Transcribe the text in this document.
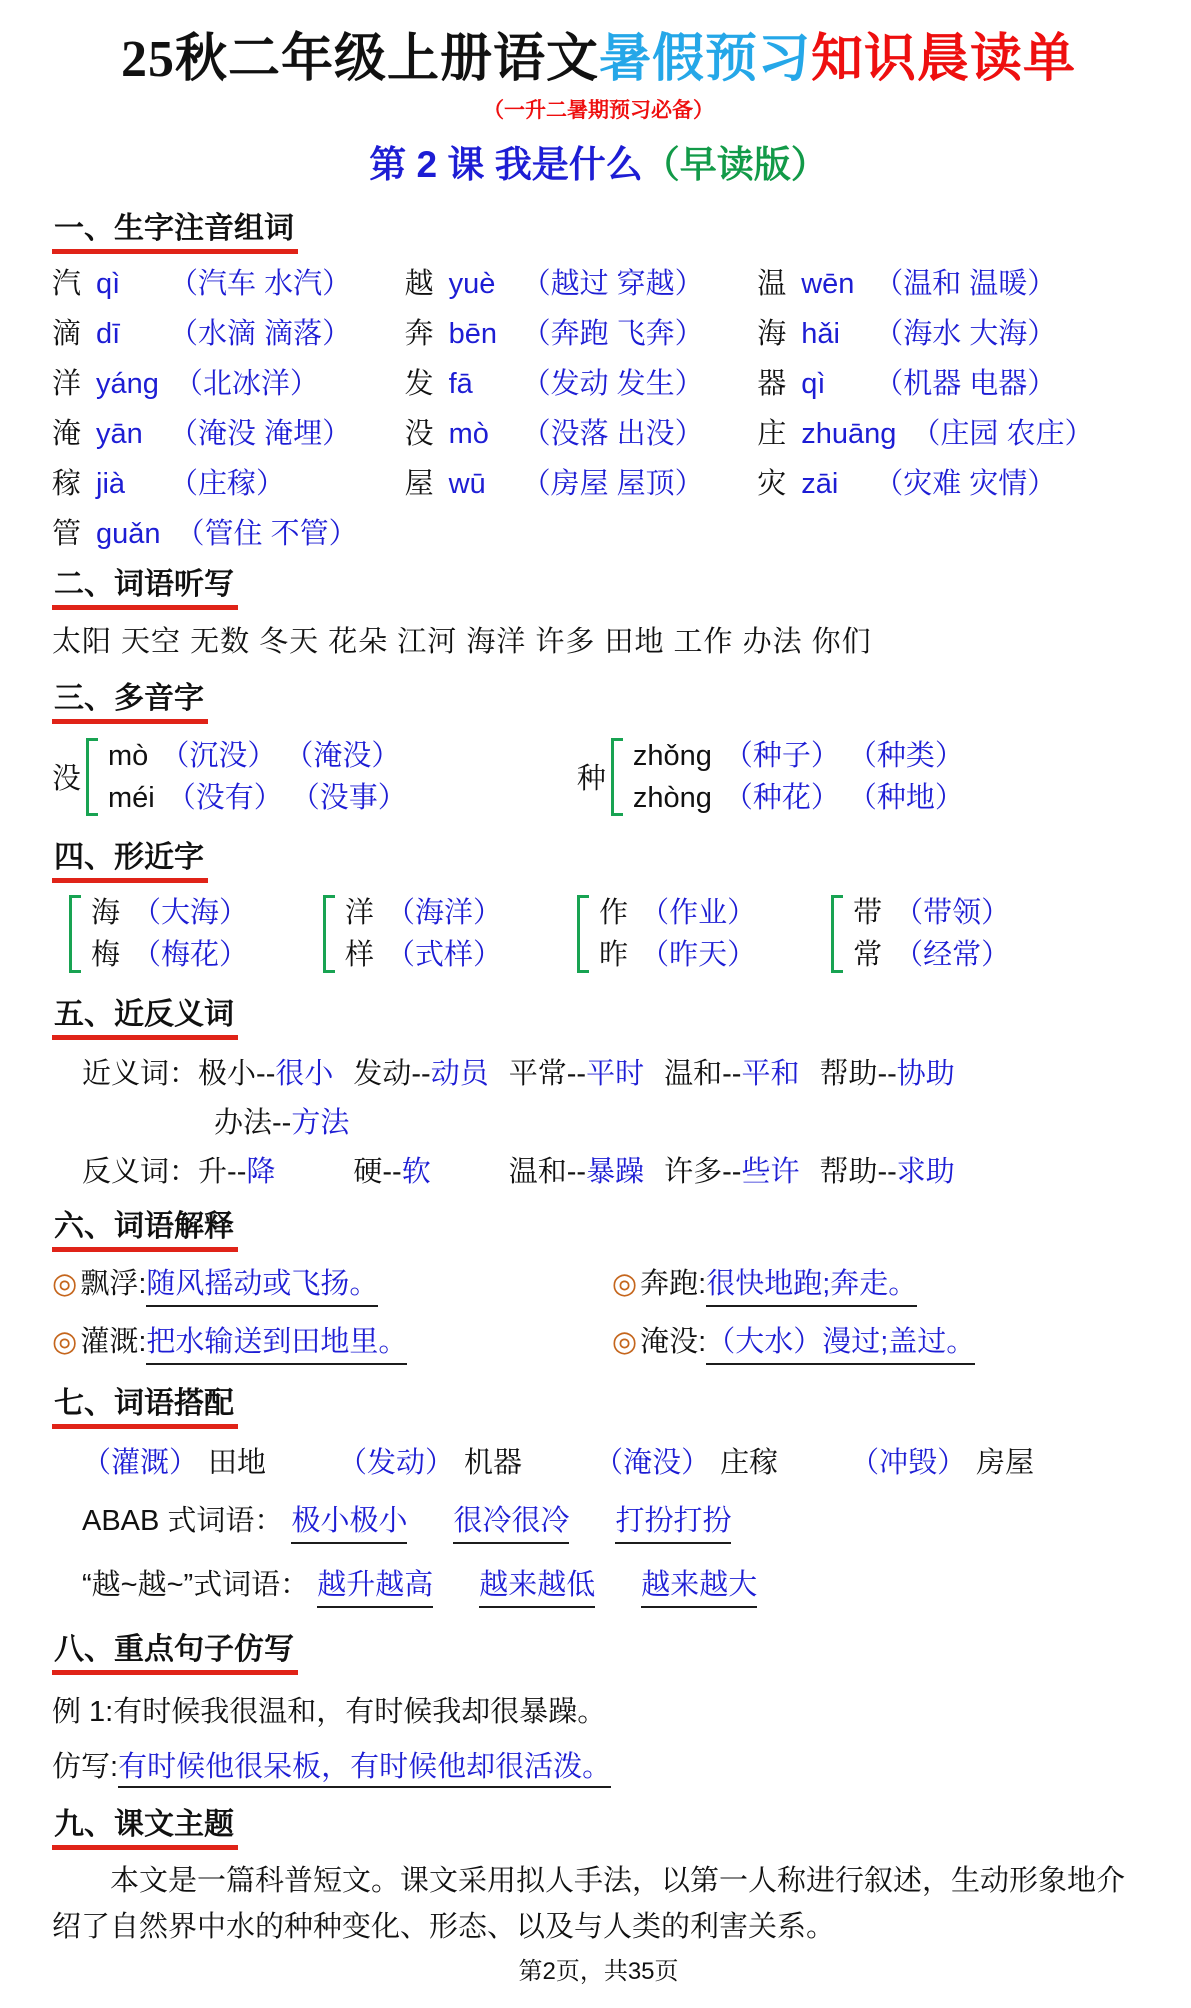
25秋二年级上册语文暑假预习知识晨读单
（一升二暑期预习必备）
第 2 课 我是什么（早读版）
一、生字注音组词
汽 qì	（汽车 水汽） 越 yuè （越过 穿越） 温 wēn （温和 温暖）
滴 dī	（水滴 滴落） 奔 bēn （奔跑 飞奔） 海 hǎi	（海水 大海）
洋 yáng （北冰洋）	发 fā	（发动 发生） 器 qì	（机器 电器）
淹 yān （淹没 淹埋） 没 mò	（没落 出没） 庄 zhuāng （庄园 农庄）
稼 jià	（庄稼）	屋 wū	（房屋 屋顶） 灾 zāi	（灾难 灾情）
管 guǎn （管住 不管）
二、词语听写
太阳 天空 无数 冬天 花朵 江河 海洋 许多 田地 工作 办法 你们
三、多音字
没
mò （沉没） （淹没）
méi （没有） （没事）
种
zhǒng （种子） （种类）
zhòng （种花） （种地）
四、形近字
海 （大海）
梅 （梅花）
洋 （海洋）
样 （式样）
作 （作业）
昨 （昨天）
带 （带领）
常 （经常）
五、近反义词
近义词： 极小--很小 发动--动员 平常--平时 温和--平和 帮助--协助
办法--方法
反义词： 升--降	硬--软	温和--暴躁 许多--些许 帮助--求助
六、词语解释
◎ 飘浮: 随风摇动或飞扬。	◎ 奔跑: 很快地跑;奔走。
◎ 灌溉: 把水输送到田地里。	◎ 淹没: （大水）漫过;盖过。
七、词语搭配
（灌溉） 田地 （发动） 机器 （淹没） 庄稼 （冲毁） 房屋
ABAB 式词语： 极小极小 很冷很冷 打扮打扮
“越~越~”式词语： 越升越高 越来越低 越来越大
八、重点句子仿写
例 1:有时候我很温和，有时候我却很暴躁。
仿写:有时候他很呆板，有时候他却很活泼。
九、课文主题
本文是一篇科普短文。课文采用拟人手法，以第一人称进行叙述，生动形象地介绍了自然界中水的种种变化、形态、以及与人类的利害关系。
第2页，共35页
